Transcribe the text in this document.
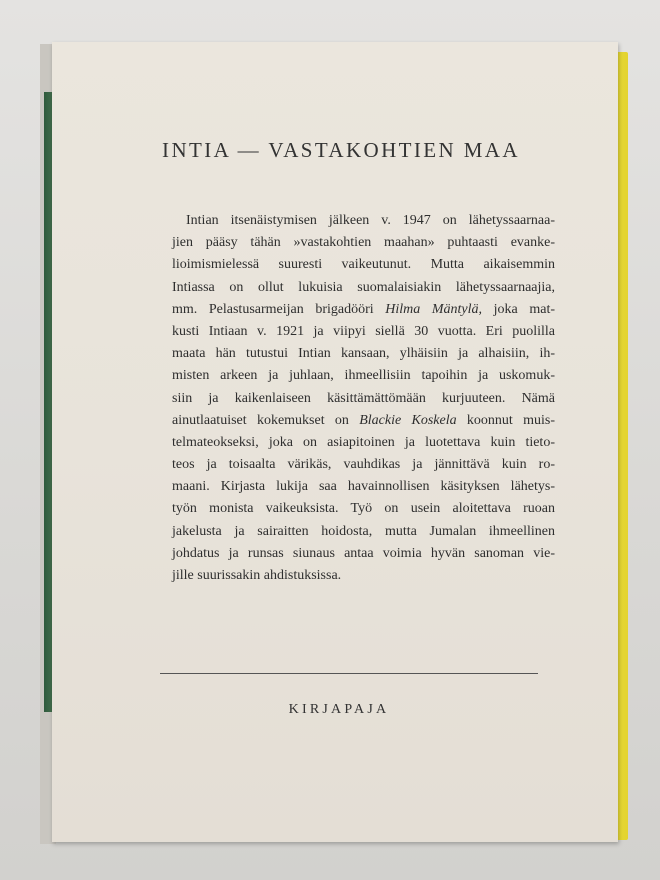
INTIA — VASTAKOHTIEN MAA
Intian itsenäistymisen jälkeen v. 1947 on lähetyssaarnaa-
jien pääsy tähän »vastakohtien maahan» puhtaasti evanke-
lioimismielessä suuresti vaikeutunut. Mutta aikaisemmin
Intiassa on ollut lukuisia suomalaisiakin lähetyssaarnaajia,
mm. Pelastusarmeijan brigadööri Hilma Mäntylä, joka mat-
kusti Intiaan v. 1921 ja viipyi siellä 30 vuotta. Eri puolilla
maata hän tutustui Intian kansaan, ylhäisiin ja alhaisiin, ih-
misten arkeen ja juhlaan, ihmeellisiin tapoihin ja uskomuk-
siin ja kaikenlaiseen käsittämättömään kurjuuteen. Nämä
ainutlaatuiset kokemukset on Blackie Koskela koonnut muis-
telmateokseksi, joka on asiapitoinen ja luotettava kuin tieto-
teos ja toisaalta värikäs, vauhdikas ja jännittävä kuin ro-
maani. Kirjasta lukija saa havainnollisen käsityksen lähetys-
työn monista vaikeuksista. Työ on usein aloitettava ruoan
jakelusta ja sairaitten hoidosta, mutta Jumalan ihmeellinen
johdatus ja runsas siunaus antaa voimia hyvän sanoman vie-
jille suurissakin ahdistuksissa.
KIRJAPAJA
